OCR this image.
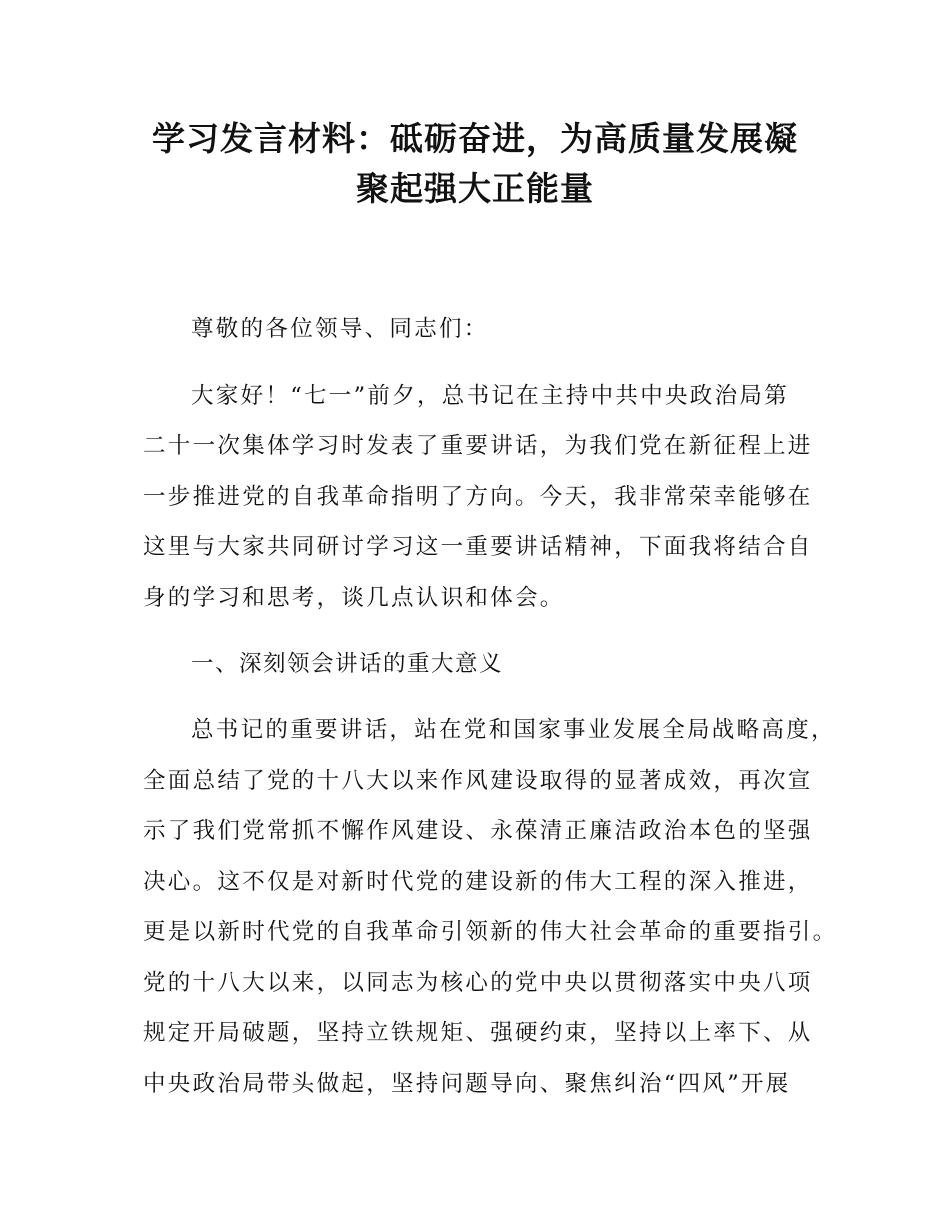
学习发言材料：砥砺奋进，为高质量发展凝
聚起强大正能量

尊敬的各位领导、同志们：

大家好！“七一”前夕，总书记在主持中共中央政治局第
二十一次集体学习时发表了重要讲话，为我们党在新征程上进
一步推进党的自我革命指明了方向。今天，我非常荣幸能够在
这里与大家共同研讨学习这一重要讲话精神，下面我将结合自
身的学习和思考，谈几点认识和体会。

一、深刻领会讲话的重大意义

总书记的重要讲话，站在党和国家事业发展全局战略高度，
全面总结了党的十八大以来作风建设取得的显著成效，再次宣
示了我们党常抓不懈作风建设、永葆清正廉洁政治本色的坚强
决心。这不仅是对新时代党的建设新的伟大工程的深入推进，
更是以新时代党的自我革命引领新的伟大社会革命的重要指引。
党的十八大以来，以同志为核心的党中央以贯彻落实中央八项
规定开局破题，坚持立铁规矩、强硬约束，坚持以上率下、从
中央政治局带头做起，坚持问题导向、聚焦纠治“四风”开展
